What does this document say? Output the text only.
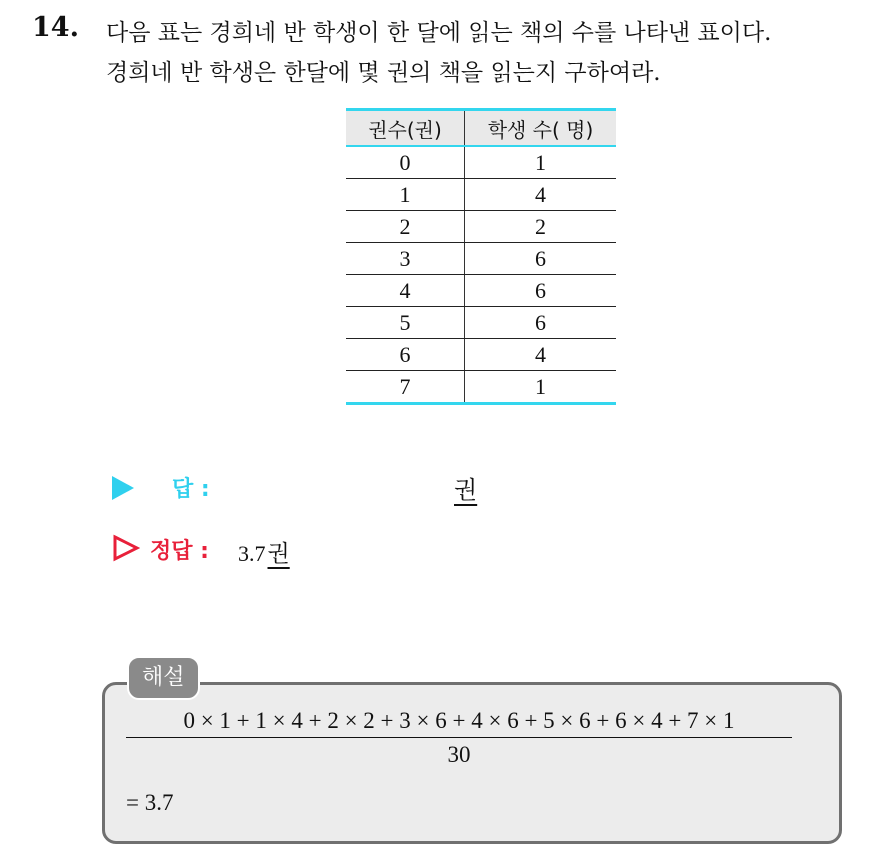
14. 다음 표는 경희네 반 학생이 한 달에 읽는 책의 수를 나타낸 표이다.
경희네 반 학생은 한달에 몇 권의 책을 읽는지 구하여라.
권수(권)	학생 수( 명)
0	1
1	4
2	2
3	6
4	6
5	6
6	4
7	1
답 :	권
정답 : 3.7권
해설
0 × 1 + 1 × 4 + 2 × 2 + 3 × 6 + 4 × 6 + 5 × 6 + 6 × 4 + 7 × 1
30
= 3.7
